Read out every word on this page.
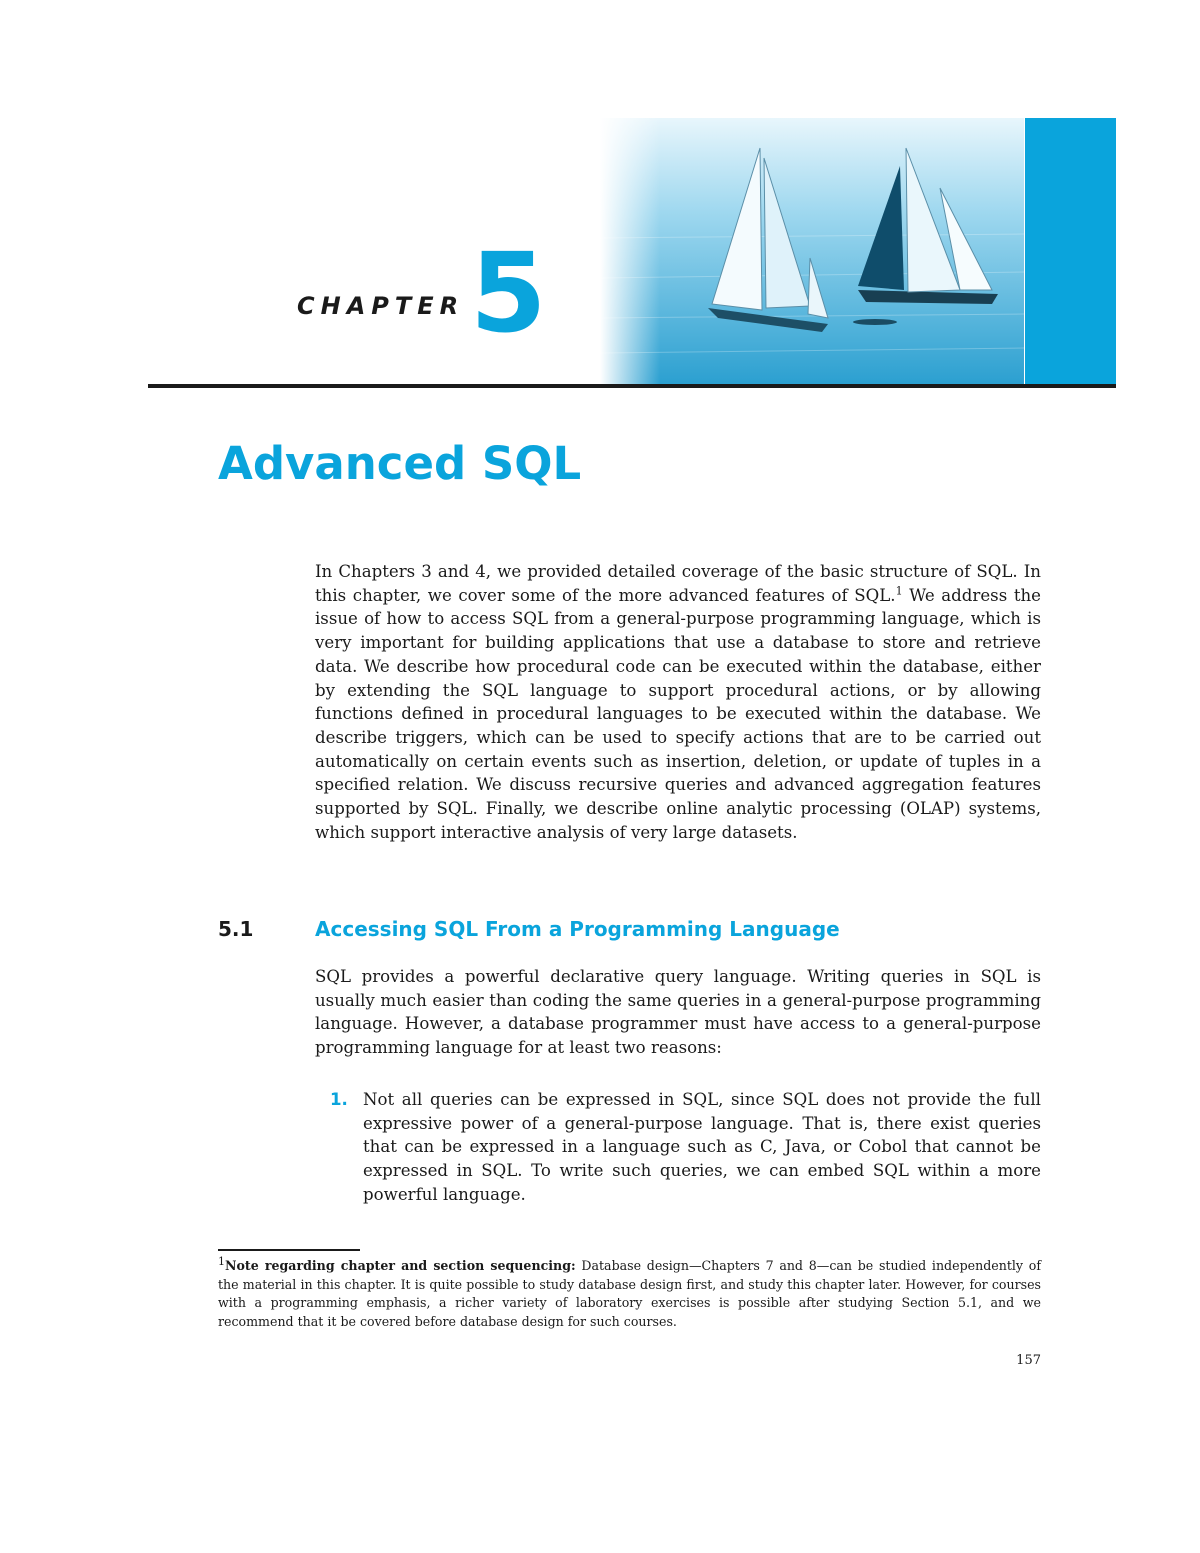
CHAPTER 5
Advanced SQL

In Chapters 3 and 4, we provided detailed coverage of the basic structure of SQL. In this chapter, we cover some of the more advanced features of SQL.$^1$ We address the issue of how to access SQL from a general-purpose programming language, which is very important for building applications that use a database to store and retrieve data. We describe how procedural code can be executed within the database, either by extending the SQL language to support procedural actions, or by allowing functions defined in procedural languages to be executed within the database. We describe triggers, which can be used to specify actions that are to be carried out automatically on certain events such as insertion, deletion, or update of tuples in a specified relation. We discuss recursive queries and advanced aggregation features supported by SQL. Finally, we describe online analytic processing (OLAP) systems, which support interactive analysis of very large datasets.

5.1	Accessing SQL From a Programming Language

SQL provides a powerful declarative query language. Writing queries in SQL is usually much easier than coding the same queries in a general-purpose programming language. However, a database programmer must have access to a general-purpose programming language for at least two reasons:

1. Not all queries can be expressed in SQL, since SQL does not provide the full expressive power of a general-purpose language. That is, there exist queries that can be expressed in a language such as C, Java, or Cobol that cannot be expressed in SQL. To write such queries, we can embed SQL within a more powerful language.

$^1$Note regarding chapter and section sequencing: Database design—Chapters 7 and 8—can be studied independently of the material in this chapter. It is quite possible to study database design first, and study this chapter later. However, for courses with a programming emphasis, a richer variety of laboratory exercises is possible after studying Section 5.1, and we recommend that it be covered before database design for such courses.

157
